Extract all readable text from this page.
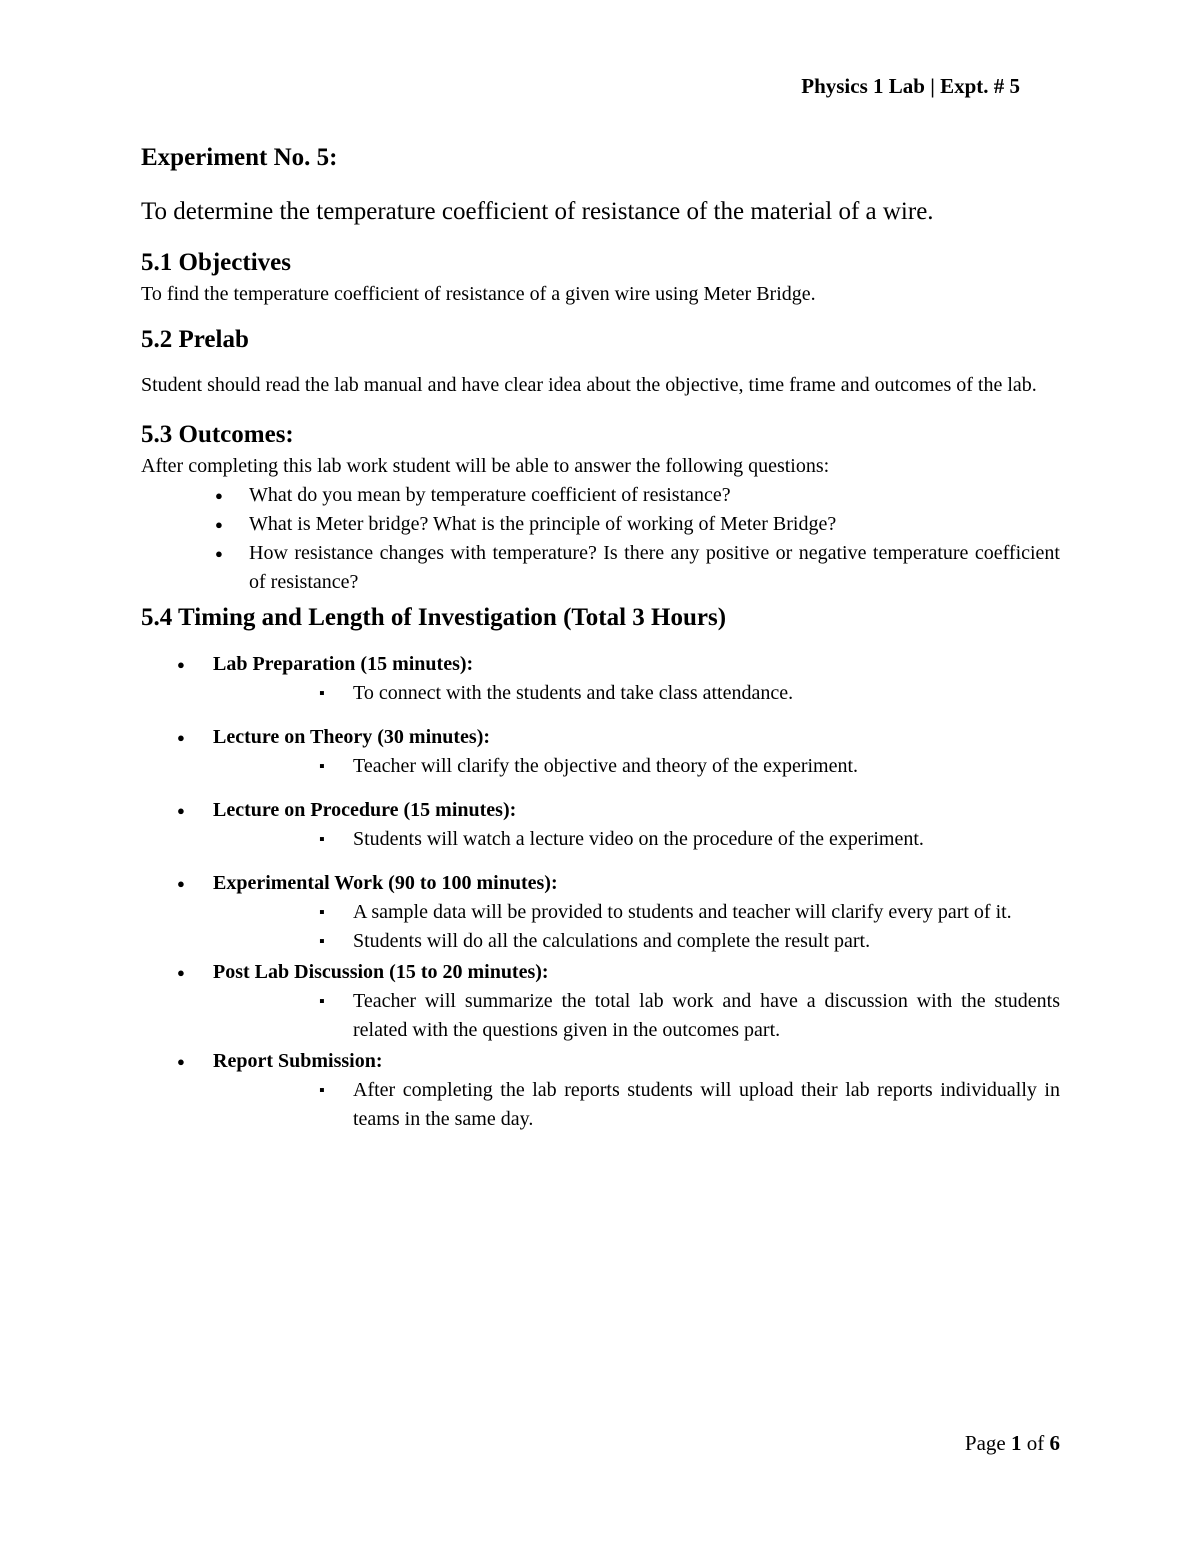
Physics 1 Lab | Expt. # 5
Experiment No. 5:
To determine the temperature coefficient of resistance of the material of a wire.
5.1 Objectives

To find the temperature coefficient of resistance of a given wire using Meter Bridge.

5.2 Prelab

Student should read the lab manual and have clear idea about the objective, time frame and outcomes of the lab.

5.3 Outcomes:

After completing this lab work student will be able to answer the following questions:

● What do you mean by temperature coefficient of resistance?
● What is Meter bridge? What is the principle of working of Meter Bridge?
● How resistance changes with temperature? Is there any positive or negative temperature coefficient of resistance?
5.4 Timing and Length of Investigation (Total 3 Hours)
● Lab Preparation (15 minutes):
▪ To connect with the students and take class attendance.
● Lecture on Theory (30 minutes):
▪ Teacher will clarify the objective and theory of the experiment.
● Lecture on Procedure (15 minutes):
▪ Students will watch a lecture video on the procedure of the experiment.
● Experimental Work (90 to 100 minutes):
▪ A sample data will be provided to students and teacher will clarify every part of it.
▪ Students will do all the calculations and complete the result part.
● Post Lab Discussion (15 to 20 minutes):
▪ Teacher will summarize the total lab work and have a discussion with the students related with the questions given in the outcomes part.
● Report Submission:
▪ After completing the lab reports students will upload their lab reports individually in teams in the same day.
Page 1 of 6
